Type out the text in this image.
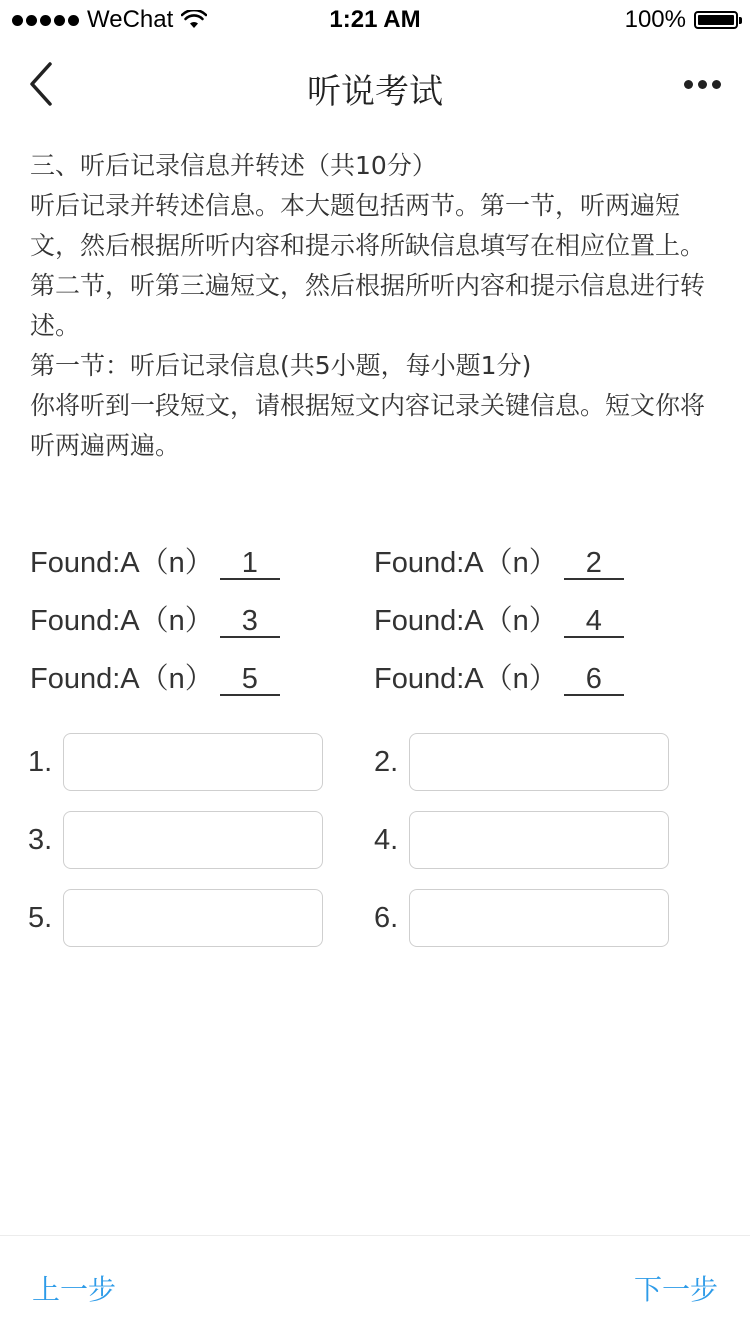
WeChat	1:21 AM	100%
听说考试

三、听后记录信息并转述（共10分）

听后记录并转述信息。本大题包括两节。第一节，听两遍短文，然后根据所听内容和提示将所缺信息填写在相应位置上。第二节，听第三遍短文，然后根据所听内容和提示信息进行转述。

第一节：听后记录信息(共5小题，每小题1分)

你将听到一段短文，请根据短文内容记录关键信息。短文你将听两遍两遍。

Found:A（n） 1	Found:A（n） 2
Found:A（n） 3	Found:A（n） 4
Found:A（n） 5	Found:A（n） 6
1.	2.
3.	4.
5.	6.
上一步	下一步
